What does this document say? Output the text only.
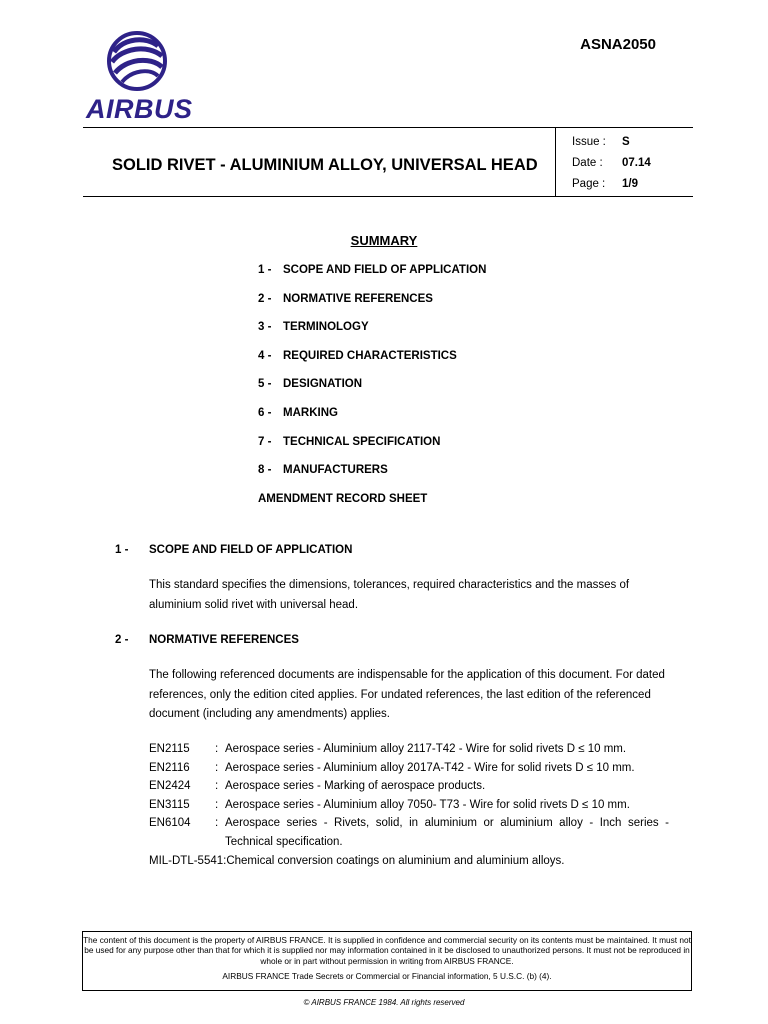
AIRBUS
ASNA2050
SOLID RIVET - ALUMINIUM ALLOY, UNIVERSAL HEAD
Issue : S
Date : 07.14
Page : 1/9
SUMMARY
1 - SCOPE AND FIELD OF APPLICATION
2 - NORMATIVE REFERENCES
3 - TERMINOLOGY
4 - REQUIRED CHARACTERISTICS
5 - DESIGNATION
6 - MARKING
7 - TECHNICAL SPECIFICATION
8 - MANUFACTURERS
AMENDMENT RECORD SHEET
1 - SCOPE AND FIELD OF APPLICATION
This standard specifies the dimensions, tolerances, required characteristics and the masses of aluminium solid rivet with universal head.
2 - NORMATIVE REFERENCES
The following referenced documents are indispensable for the application of this document. For dated references, only the edition cited applies. For undated references, the last edition of the referenced document (including any amendments) applies.
EN2115	: Aerospace series - Aluminium alloy 2117-T42 - Wire for solid rivets D ≤ 10 mm.
EN2116	: Aerospace series - Aluminium alloy 2017A-T42 - Wire for solid rivets D ≤ 10 mm.
EN2424	: Aerospace series - Marking of aerospace products.
EN3115	: Aerospace series - Aluminium alloy 7050- T73 - Wire for solid rivets D ≤ 10 mm.
EN6104	: Aerospace series - Rivets, solid, in aluminium or aluminium alloy - Inch series - Technical specification.
MIL-DTL-5541:Chemical conversion coatings on aluminium and aluminium alloys.
The content of this document is the property of AIRBUS FRANCE. It is supplied in confidence and commercial security on its contents must be maintained. It must not be used for any purpose other than that for which it is supplied nor may information contained in it be disclosed to unauthorized persons. It must not be reproduced in whole or in part without permission in writing from AIRBUS FRANCE.
AIRBUS FRANCE Trade Secrets or Commercial or Financial information, 5 U.S.C. (b) (4).
© AIRBUS FRANCE 1984. All rights reserved
